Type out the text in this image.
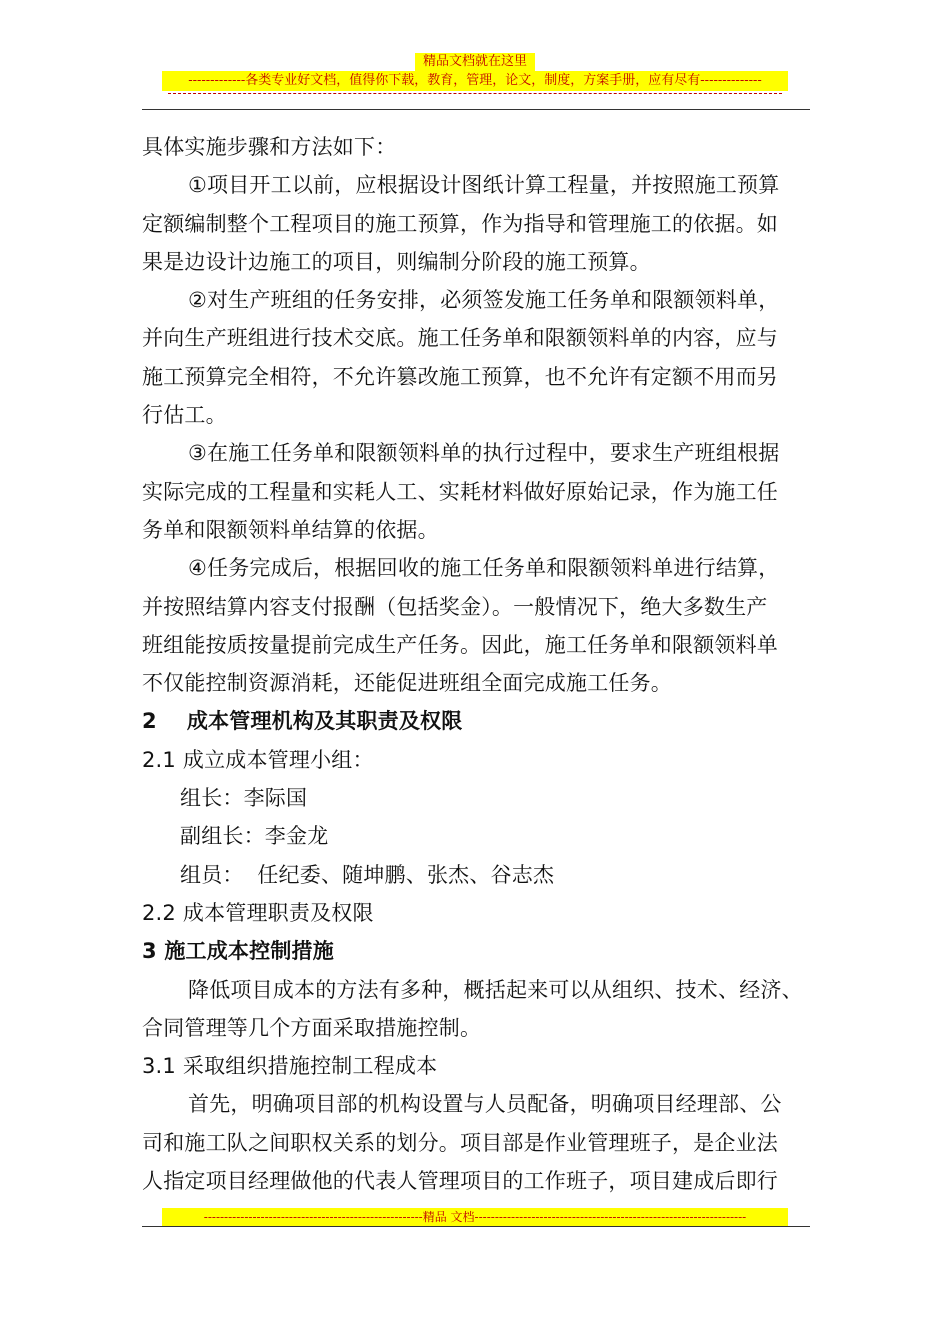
精品文档就在这里
-------------各类专业好文档，值得你下载，教育，管理，论文，制度，方案手册，应有尽有--------------
具体实施步骤和方法如下：
①项目开工以前，应根据设计图纸计算工程量，并按照施工预算
定额编制整个工程项目的施工预算，作为指导和管理施工的依据。如
果是边设计边施工的项目，则编制分阶段的施工预算。
②对生产班组的任务安排，必须签发施工任务单和限额领料单，
并向生产班组进行技术交底。施工任务单和限额领料单的内容，应与
施工预算完全相符，不允许篡改施工预算，也不允许有定额不用而另
行估工。
③在施工任务单和限额领料单的执行过程中，要求生产班组根据
实际完成的工程量和实耗人工、实耗材料做好原始记录，作为施工任
务单和限额领料单结算的依据。
④任务完成后，根据回收的施工任务单和限额领料单进行结算，
并按照结算内容支付报酬（包括奖金）。一般情况下，绝大多数生产
班组能按质按量提前完成生产任务。因此，施工任务单和限额领料单
不仅能控制资源消耗，还能促进班组全面完成施工任务。
2    成本管理机构及其职责及权限
2.1 成立成本管理小组：
组长：李际国
副组长：李金龙
组员：  任纪委、随坤鹏、张杰、谷志杰
2.2 成本管理职责及权限
3 施工成本控制措施
降低项目成本的方法有多种，概括起来可以从组织、技术、经济、
合同管理等几个方面采取措施控制。
3.1 采取组织措施控制工程成本
首先，明确项目部的机构设置与人员配备，明确项目经理部、公
司和施工队之间职权关系的划分。项目部是作业管理班子，是企业法
人指定项目经理做他的代表人管理项目的工作班子，项目建成后即行
------------------------------------------------------精品 文档-------------------------------------------------------------------
